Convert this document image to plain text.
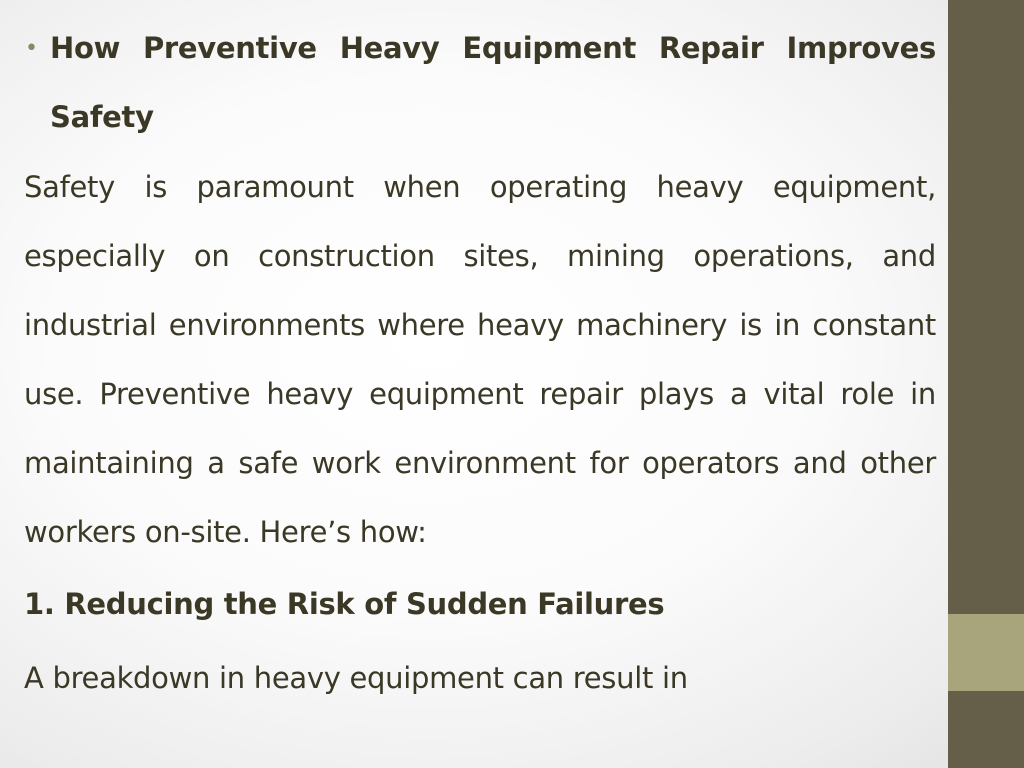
• How Preventive Heavy Equipment Repair Improves Safety

Safety is paramount when operating heavy equipment, especially on construction sites, mining operations, and industrial environments where heavy machinery is in constant use. Preventive heavy equipment repair plays a vital role in maintaining a safe work environment for operators and other workers on-site. Here’s how:

1. Reducing the Risk of Sudden Failures

A breakdown in heavy equipment can result in
